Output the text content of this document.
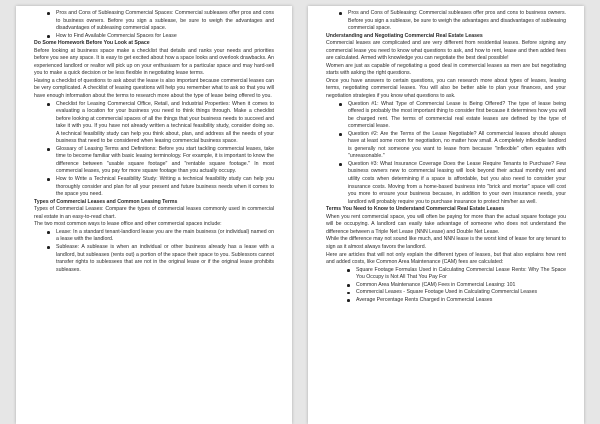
Pros and Cons of Subleasing Commercial Spaces: Commercial subleases offer pros and cons to business owners. Before you sign a sublease, be sure to weigh the advantages and disadvantages of subleasing commercial space.
How to Find Available Commercial Spaces for Lease
Do Some Homework Before You Look at Space

Before looking at business space make a checklist that details and ranks your needs and priorities before you see any space. It is easy to get excited about how a space looks and overlook drawbacks. An experienced landlord or realtor will pick up on your enthusiasm for a particular space and may hard-sell you to make a quick decision or be less flexible in negotiating lease terms.

Having a checklist of questions to ask about the lease is also important because commercial leases can be very complicated. A checklist of leasing questions will help you remember what to ask so that you will have enough information about the terms to research more about the type of lease being offered to you.

Checklist for Leasing Commercial Office, Retail, and Industrial Properties: When it comes to evaluating a location for your business you need to think things through. Make a checklist before looking at commercial spaces of all the things that your business needs to succeed and take it with you. If you have not already written a technical feasibility study, consider doing so. A technical feasibility study can help you think about, plan, and address all the needs of your business that need to be considered when leasing commercial business space.
Glossary of Leasing Terms and Definitions: Before you start tackling commercial leases, take time to become familiar with basic leasing terminology. For example, it is important to know the difference between "usable square footage" and "rentable square footage." In most commercial leases, you pay for more square footage than you actually occupy.
How to Write a Technical Feasibility Study: Writing a technical feasibility study can help you thoroughly consider and plan for all your present and future business needs when it comes to the space you need.
Types of Commercial Leases and Common Leasing Terms

Types of Commercial Leases: Compare the types of commercial leases commonly used in commercial real estate in an easy-to-read chart.

The two most common ways to lease office and other commercial spaces include:

Lease: In a standard tenant-landlord lease you are the main business (or individual) named on a lease with the landlord.
Sublease: A sublease is when an individual or other business already has a lease with a landlord, but subleases (rents out) a portion of the space their space to you. Sublessors cannot transfer rights to sublessees that are not in the original lease or if the original lease prohibits subleases.
Pros and Cons of Subleasing: Commercial subleases offer pros and cons to business owners. Before you sign a sublease, be sure to weigh the advantages and disadvantages of subleasing commercial space.
Understanding and Negotiating Commercial Real Estate Leases

Commercial leases are complicated and are very different from residential leases. Before signing any commercial lease you need to know what questions to ask, and how to rent, lease and then added fees are calculated. Armed with knowledge you can negotiate the best deal possible!

Women are just as capable of negotiating a good deal in commercial leases as men are but negotiating starts with asking the right questions.

Once you have answers to certain questions, you can research more about types of leases, leasing terms, negotiating commercial leases. You will also be better able to plan your finances, and your negotiation strategies if you know what questions to ask.

Question #1: What Type of Commercial Lease is Being Offered? The type of lease being offered is probably the most important thing to consider first because it determines how you will be charged rent. The terms of commercial real estate leases are defined by the type of commercial lease.
Question #2: Are the Terms of the Lease Negotiable? All commercial leases should always have at least some room for negotiation, no matter how small. A completely inflexible landlord is generally not someone you want to lease from because "inflexible" often equates with "unreasonable."
Question #3: What Insurance Coverage Does the Lease Require Tenants to Purchase? Few business owners new to commercial leasing will look beyond their actual monthly rent and utility costs when determining if a space is affordable, but you also need to consider your insurance costs. Moving from a home-based business into "brick and mortar" space will cost you more to ensure your business because, in addition to your own insurance needs, your landlord will probably require you to purchase insurance to protect him/her as well.
Terms You Need to Know to Understand Commercial Real Estate Leases

When you rent commercial space, you will often be paying for more than the actual square footage you will be occupying. A landlord can easily take advantage of someone who does not understand the difference between a Triple Net Lease (NNN Lease) and Double Net Lease.

While the difference may not sound like much, and NNN lease is the worst kind of lease for any tenant to sign as it almost always favors the landlord.

Here are articles that will not only explain the different types of leases, but that also explains how rent and added costs, like Common Area Maintenance (CAM) fees are calculated:

Square Footage Formulas Used in Calculating Commercial Lease Rents: Why The Space You Occupy is Not All That You Pay For
Common Area Maintenance (CAM) Fees in Commercial Leasing: 101
Commercial Leases - Square Footage Used in Calculating Commercial Leases
Average Percentage Rents Charged in Commercial Leases
